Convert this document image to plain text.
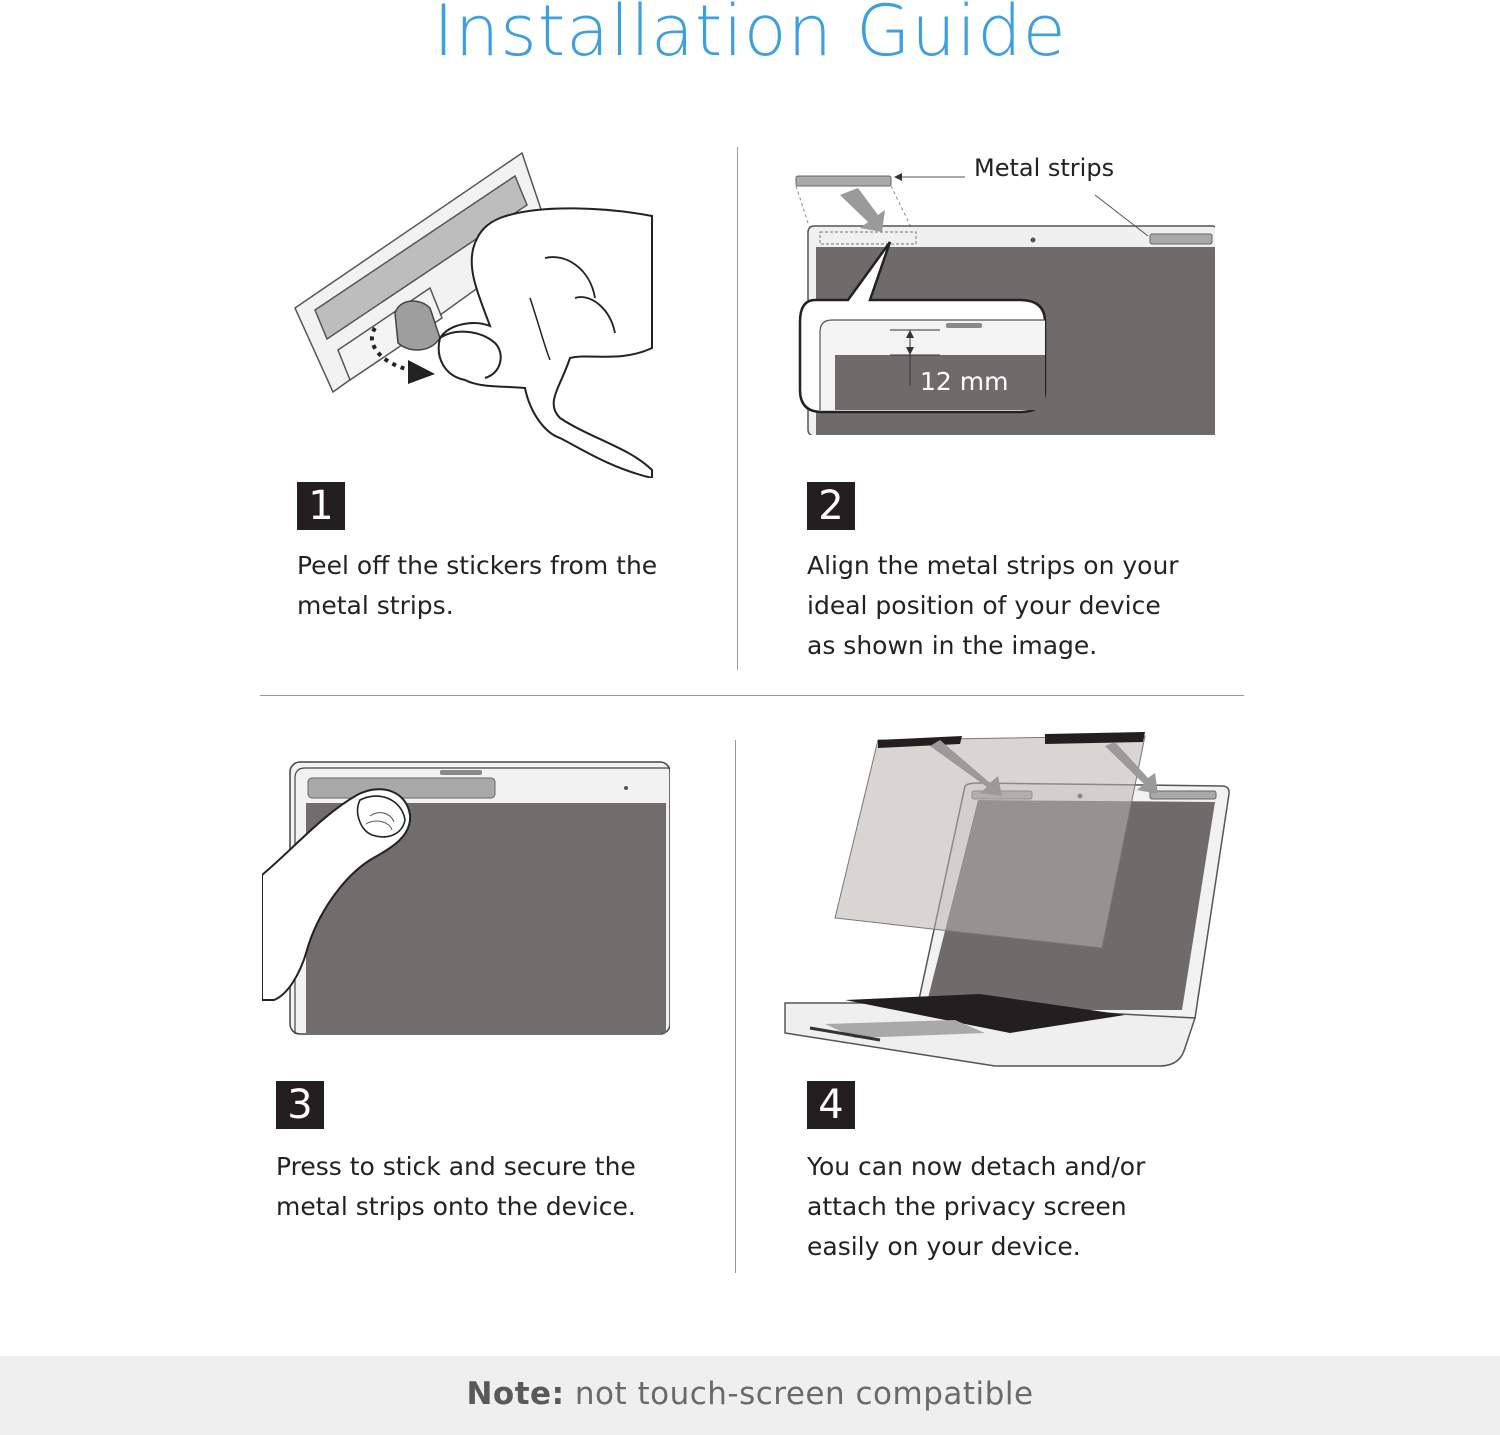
Installation Guide
12 mm
Metal strips
1	2
3	4
Peel off the stickers from the
metal strips.
Align the metal strips on your
ideal position of your device
as shown in the image.
Press to stick and secure the
metal strips onto the device.
You can now detach and/or
attach the privacy screen
easily on your device.
Note: not touch-screen compatible
